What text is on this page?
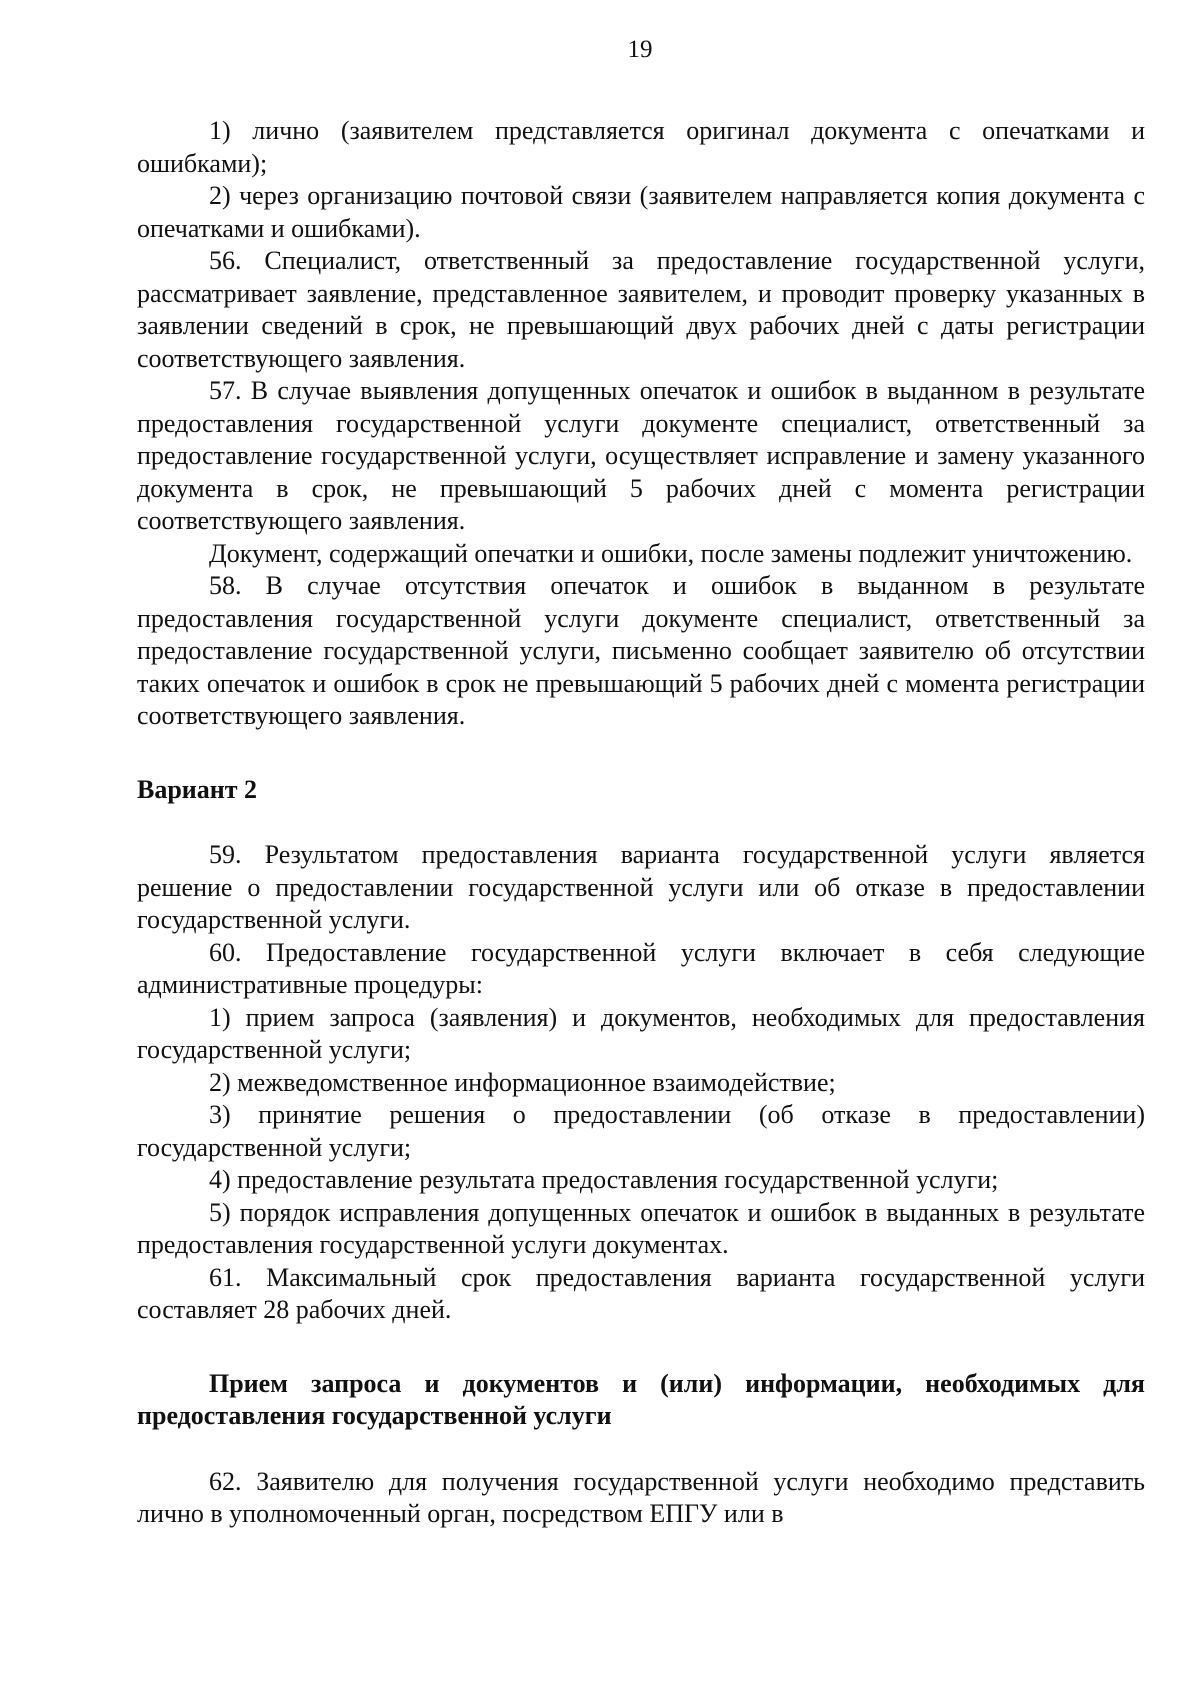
19

1) лично (заявителем представляется оригинал документа с опечатками и ошибками);

2) через организацию почтовой связи (заявителем направляется копия документа с опечатками и ошибками).

56. Специалист, ответственный за предоставление государственной услуги, рассматривает заявление, представленное заявителем, и проводит проверку указанных в заявлении сведений в срок, не превышающий двух рабочих дней с даты регистрации соответствующего заявления.

57. В случае выявления допущенных опечаток и ошибок в выданном в результате предоставления государственной услуги документе специалист, ответственный за предоставление государственной услуги, осуществляет исправление и замену указанного документа в срок, не превышающий 5 рабочих дней с момента регистрации соответствующего заявления.

Документ, содержащий опечатки и ошибки, после замены подлежит уничтожению.

58. В случае отсутствия опечаток и ошибок в выданном в результате предоставления государственной услуги документе специалист, ответственный за предоставление государственной услуги, письменно сообщает заявителю об отсутствии таких опечаток и ошибок в срок не превышающий 5 рабочих дней с момента регистрации соответствующего заявления.

Вариант 2

59. Результатом предоставления варианта государственной услуги является решение о предоставлении государственной услуги или об отказе в предоставлении государственной услуги.

60. Предоставление государственной услуги включает в себя следующие административные процедуры:

1) прием запроса (заявления) и документов, необходимых для предоставления государственной услуги;

2) межведомственное информационное взаимодействие;

3) принятие решения о предоставлении (об отказе в предоставлении) государственной услуги;

4) предоставление результата предоставления государственной услуги;

5) порядок исправления допущенных опечаток и ошибок в выданных в результате предоставления государственной услуги документах.

61. Максимальный срок предоставления варианта государственной услуги составляет 28 рабочих дней.

Прием запроса и документов и (или) информации, необходимых для предоставления государственной услуги

62. Заявителю для получения государственной услуги необходимо представить лично в уполномоченный орган, посредством ЕПГУ или в
